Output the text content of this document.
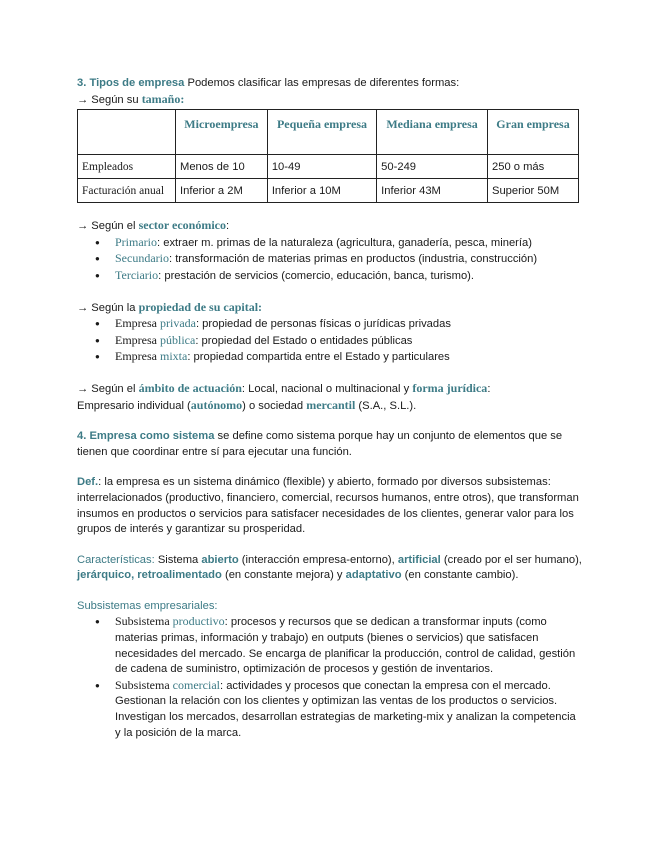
3. Tipos de empresa Podemos clasificar las empresas de diferentes formas:
→ Según su tamaño:
	Microempresa	Pequeña empresa	Mediana empresa	Gran empresa
Empleados	Menos de 10	10-49	50-249	250 o más
Facturación anual	Inferior a 2M	Inferior a 10M	Inferior 43M	Superior 50M
→ Según el sector económico:
● Primario: extraer m. primas de la naturaleza (agricultura, ganadería, pesca, minería)
● Secundario: transformación de materias primas en productos (industria, construcción)
● Terciario: prestación de servicios (comercio, educación, banca, turismo).
→ Según la propiedad de su capital:
● Empresa privada: propiedad de personas físicas o jurídicas privadas
● Empresa pública: propiedad del Estado o entidades públicas
● Empresa mixta: propiedad compartida entre el Estado y particulares
→ Según el ámbito de actuación: Local, nacional o multinacional y forma jurídica:
Empresario individual (autónomo) o sociedad mercantil (S.A., S.L.).
4. Empresa como sistema se define como sistema porque hay un conjunto de elementos que se tienen que coordinar entre sí para ejecutar una función.
Def.: la empresa es un sistema dinámico (flexible) y abierto, formado por diversos subsistemas: interrelacionados (productivo, financiero, comercial, recursos humanos, entre otros), que transforman insumos en productos o servicios para satisfacer necesidades de los clientes, generar valor para los grupos de interés y garantizar su prosperidad.
Características: Sistema abierto (interacción empresa-entorno), artificial (creado por el ser humano), jerárquico, retroalimentado (en constante mejora) y adaptativo (en constante cambio).
Subsistemas empresariales:
● Subsistema productivo: procesos y recursos que se dedican a transformar inputs (como materias primas, información y trabajo) en outputs (bienes o servicios) que satisfacen necesidades del mercado. Se encarga de planificar la producción, control de calidad, gestión de cadena de suministro, optimización de procesos y gestión de inventarios.
● Subsistema comercial: actividades y procesos que conectan la empresa con el mercado. Gestionan la relación con los clientes y optimizan las ventas de los productos o servicios. Investigan los mercados, desarrollan estrategias de marketing-mix y analizan la competencia y la posición de la marca.
